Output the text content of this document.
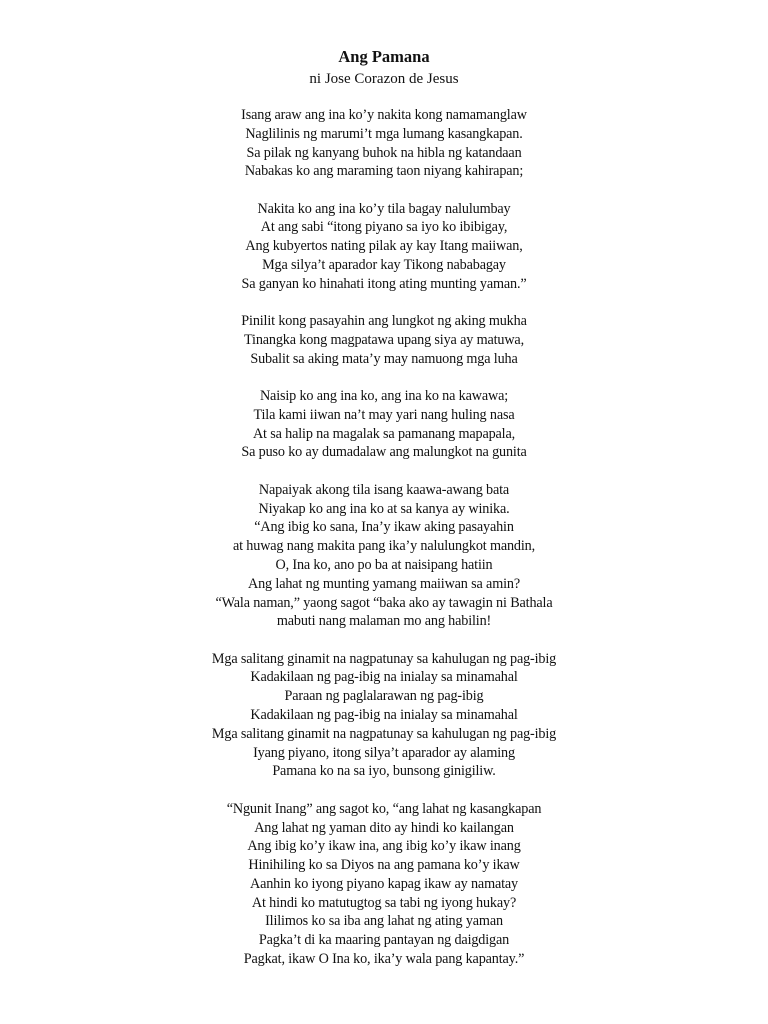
Ang Pamana

ni Jose Corazon de Jesus

Isang araw ang ina ko’y nakita kong namamanglaw
Naglilinis ng marumi’t mga lumang kasangkapan.
Sa pilak ng kanyang buhok na hibla ng katandaan
Nabakas ko ang maraming taon niyang kahirapan;
Nakita ko ang ina ko’y tila bagay nalulumbay
At ang sabi “itong piyano sa iyo ko ibibigay,
Ang kubyertos nating pilak ay kay Itang maiiwan,
Mga silya’t aparador kay Tikong nababagay
Sa ganyan ko hinahati itong ating munting yaman.”
Pinilit kong pasayahin ang lungkot ng aking mukha
Tinangka kong magpatawa upang siya ay matuwa,
Subalit sa aking mata’y may namuong mga luha
Naisip ko ang ina ko, ang ina ko na kawawa;
Tila kami iiwan na’t may yari nang huling nasa
At sa halip na magalak sa pamanang mapapala,
Sa puso ko ay dumadalaw ang malungkot na gunita
Napaiyak akong tila isang kaawa-awang bata
Niyakap ko ang ina ko at sa kanya ay winika.
“Ang ibig ko sana, Ina’y ikaw aking pasayahin
at huwag nang makita pang ika’y nalulungkot mandin,
O, Ina ko, ano po ba at naisipang hatiin
Ang lahat ng munting yamang maiiwan sa amin?
“Wala naman,” yaong sagot “baka ako ay tawagin ni Bathala
mabuti nang malaman mo ang habilin!
Mga salitang ginamit na nagpatunay sa kahulugan ng pag-ibig
Kadakilaan ng pag-ibig na inialay sa minamahal
Paraan ng paglalarawan ng pag-ibig
Kadakilaan ng pag-ibig na inialay sa minamahal
Mga salitang ginamit na nagpatunay sa kahulugan ng pag-ibig
Iyang piyano, itong silya’t aparador ay alaming
Pamana ko na sa iyo, bunsong ginigiliw.
“Ngunit Inang” ang sagot ko, “ang lahat ng kasangkapan
Ang lahat ng yaman dito ay hindi ko kailangan
Ang ibig ko’y ikaw ina, ang ibig ko’y ikaw inang
Hinihiling ko sa Diyos na ang pamana ko’y ikaw
Aanhin ko iyong piyano kapag ikaw ay namatay
At hindi ko matutugtog sa tabi ng iyong hukay?
Ililimos ko sa iba ang lahat ng ating yaman
Pagka’t di ka maaring pantayan ng daigdigan
Pagkat, ikaw O Ina ko, ika’y wala pang kapantay.”
